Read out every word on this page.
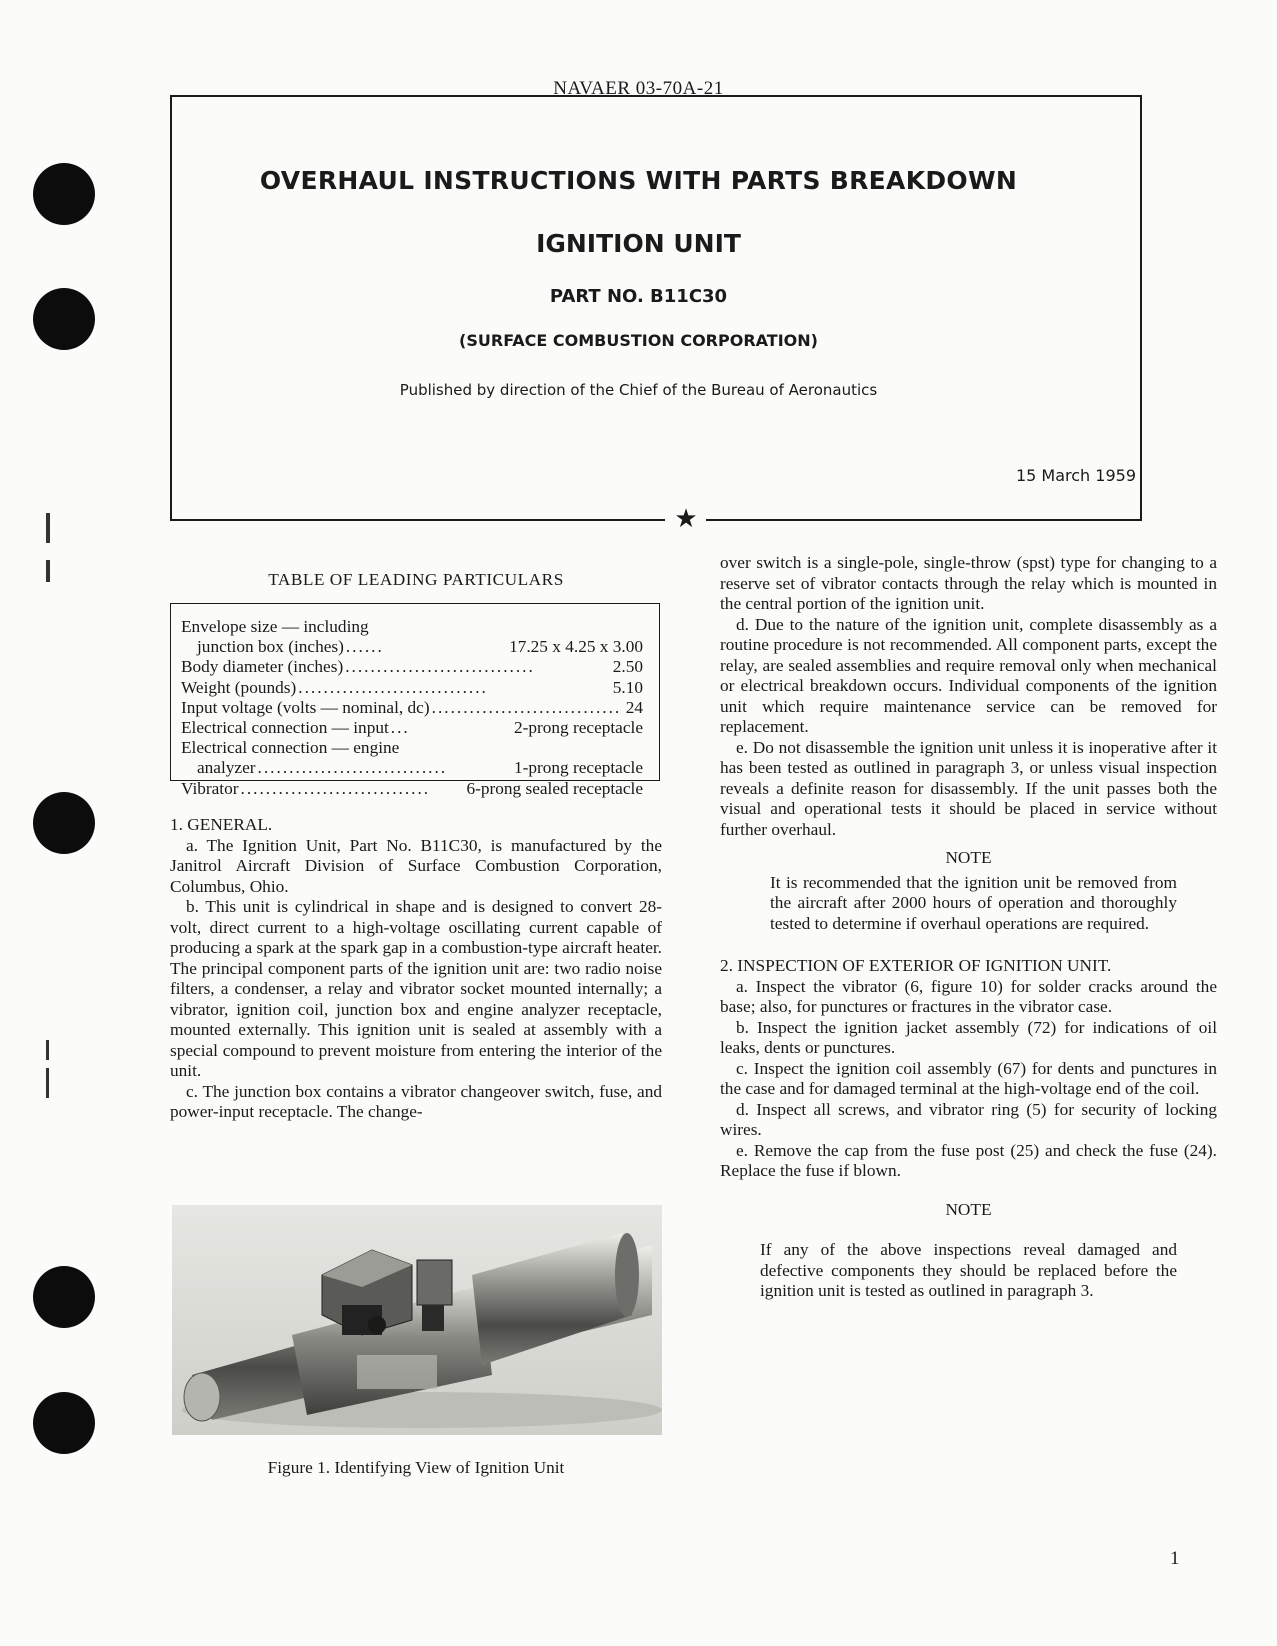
NAVAER 03-70A-21
★
OVERHAUL INSTRUCTIONS WITH PARTS BREAKDOWN
IGNITION UNIT
PART NO. B11C30
(SURFACE COMBUSTION CORPORATION)
Published by direction of the Chief of the Bureau of Aeronautics
15 March 1959
TABLE OF LEADING PARTICULARS
Envelope size — including
junction box (inches) ......	17.25 x 4.25 x 3.00
Body diameter (inches) ..............................	2.50
Weight (pounds) ..............................	5.10
Input voltage (volts — nominal, dc) .............................. 24
Electrical connection — input ...	2-prong receptacle
Electrical connection — engine
analyzer ..............................	1-prong receptacle
Vibrator ..............................	6-prong sealed receptacle

1. GENERAL.

a. The Ignition Unit, Part No. B11C30, is manufactured by the Janitrol Aircraft Division of Surface Combustion Corporation, Columbus, Ohio.

b. This unit is cylindrical in shape and is designed to convert 28-volt, direct current to a high-voltage oscillating current capable of producing a spark at the spark gap in a combustion-type aircraft heater. The principal component parts of the ignition unit are: two radio noise filters, a condenser, a relay and vibrator socket mounted internally; a vibrator, ignition coil, junction box and engine analyzer receptacle, mounted externally. This ignition unit is sealed at assembly with a special compound to prevent moisture from entering the interior of the unit.

c. The junction box contains a vibrator changeover switch, fuse, and power-input receptacle. The change-

Figure 1. Identifying View of Ignition Unit

over switch is a single-pole, single-throw (spst) type for changing to a reserve set of vibrator contacts through the relay which is mounted in the central portion of the ignition unit.

d. Due to the nature of the ignition unit, complete disassembly as a routine procedure is not recommended. All component parts, except the relay, are sealed assemblies and require removal only when mechanical or electrical breakdown occurs. Individual components of the ignition unit which require maintenance service can be removed for replacement.

e. Do not disassemble the ignition unit unless it is inoperative after it has been tested as outlined in paragraph 3, or unless visual inspection reveals a definite reason for disassembly. If the unit passes both the visual and operational tests it should be placed in service without further overhaul.

NOTE

It is recommended that the ignition unit be removed from the aircraft after 2000 hours of operation and thoroughly tested to determine if overhaul operations are required.

2. INSPECTION OF EXTERIOR OF IGNITION UNIT.

a. Inspect the vibrator (6, figure 10) for solder cracks around the base; also, for punctures or fractures in the vibrator case.

b. Inspect the ignition jacket assembly (72) for indications of oil leaks, dents or punctures.

c. Inspect the ignition coil assembly (67) for dents and punctures in the case and for damaged terminal at the high-voltage end of the coil.

d. Inspect all screws, and vibrator ring (5) for security of locking wires.

e. Remove the cap from the fuse post (25) and check the fuse (24). Replace the fuse if blown.

NOTE

If any of the above inspections reveal damaged and defective components they should be replaced before the ignition unit is tested as outlined in paragraph 3.

1
